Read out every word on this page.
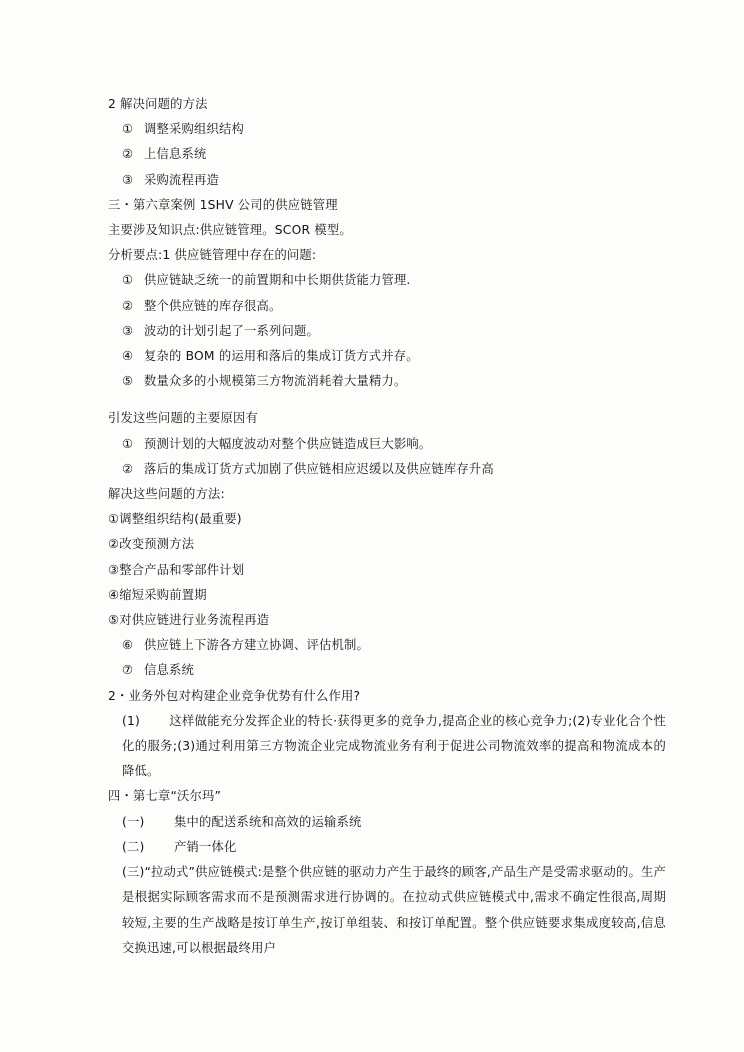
2 解决问题的方法
① 调整采购组织结构
② 上信息系统
③ 采购流程再造
三・第六章案例 1SHV 公司的供应链管理
主要涉及知识点:供应链管理。SCOR 模型。
分析要点:1 供应链管理中存在的问题:
① 供应链缺乏统一的前置期和中长期供货能力管理.
② 整个供应链的库存很高。
③ 波动的计划引起了一系列问题。
④ 复杂的 BOM 的运用和落后的集成订货方式并存。
⑤ 数量众多的小规模第三方物流消耗着大量精力。
引发这些问题的主要原因有
① 预测计划的大幅度波动对整个供应链造成巨大影响。
② 落后的集成订货方式加剧了供应链相应迟缓以及供应链库存升高
解决这些问题的方法:
①调整组织结构(最重要)
②改变预测方法
③整合产品和零部件计划
④缩短采购前置期
⑤对供应链进行业务流程再造
⑥ 供应链上下游各方建立协调、评估机制。
⑦ 信息系统
2・业务外包对构建企业竞争优势有什么作用?
(1) 　　这样做能充分发挥企业的特长·获得更多的竞争力,提高企业的核心竞争力;(2)专业化合个性化的服务;(3)通过利用第三方物流企业完成物流业务有利于促进公司物流效率的提高和物流成本的降低。
四・第七章“沃尔玛”
(一) 集中的配送系统和高效的运输系统
(二) 产销一体化
(三)“拉动式”供应链模式:是整个供应链的驱动力产生于最终的顾客,产品生产是受需求驱动的。生产是根据实际顾客需求而不是预测需求进行协调的。在拉动式供应链模式中,需求不确定性很高,周期较短,主要的生产战略是按订单生产,按订单组装、和按订单配置。整个供应链要求集成度较高,信息交换迅速,可以根据最终用户
